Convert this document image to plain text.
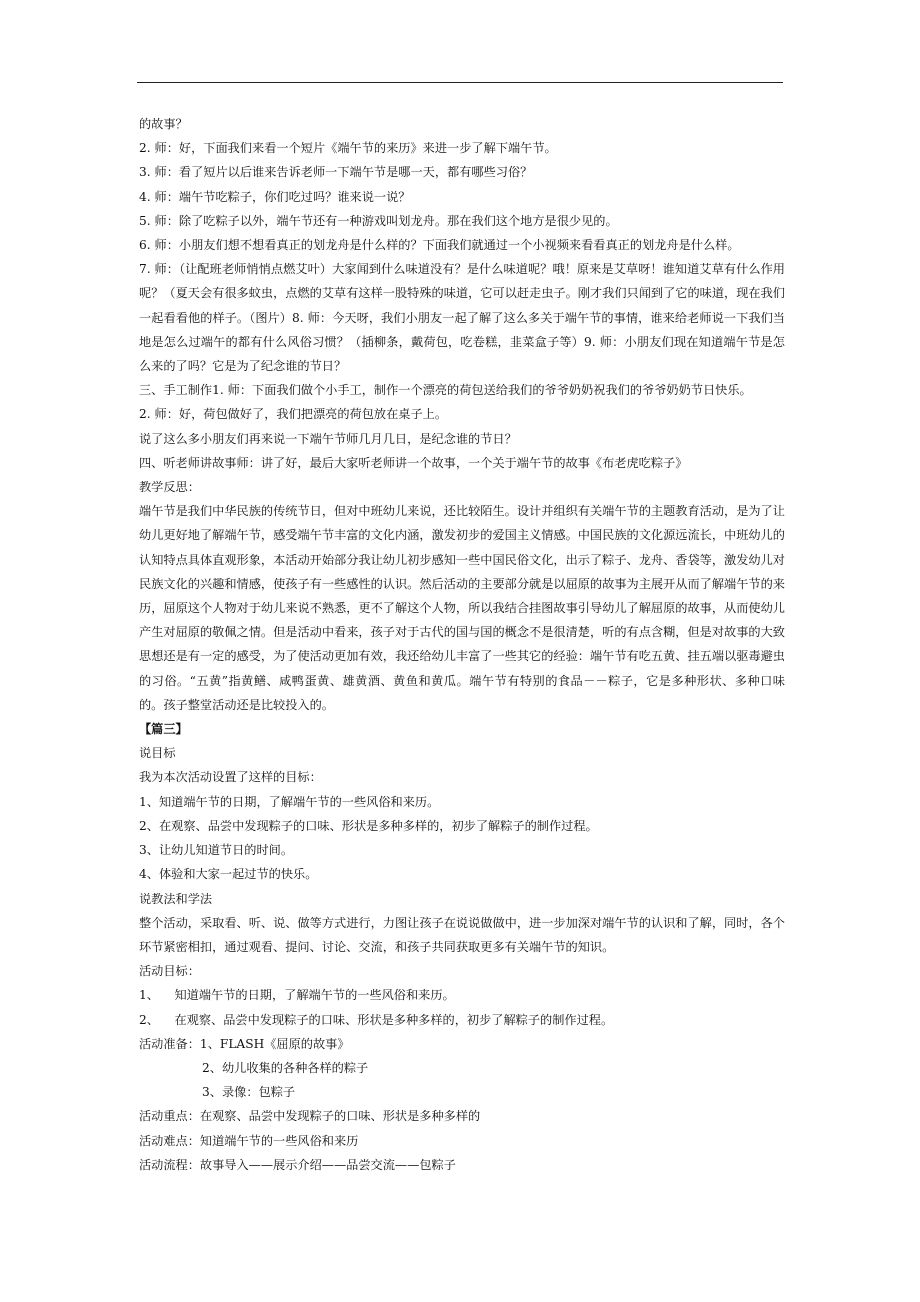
的故事？

2. 师：好，下面我们来看一个短片《端午节的来历》来进一步了解下端午节。

3. 师：看了短片以后谁来告诉老师一下端午节是哪一天，都有哪些习俗？

4. 师：端午节吃粽子，你们吃过吗？谁来说一说？

5. 师：除了吃粽子以外，端午节还有一种游戏叫划龙舟。那在我们这个地方是很少见的。

6. 师：小朋友们想不想看真正的划龙舟是什么样的？下面我们就通过一个小视频来看看真正的划龙舟是什么样。

7. 师：（让配班老师悄悄点燃艾叶）大家闻到什么味道没有？是什么味道呢？哦！原来是艾草呀！谁知道艾草有什么作用呢？（夏天会有很多蚊虫，点燃的艾草有这样一股特殊的味道，它可以赶走虫子。刚才我们只闻到了它的味道，现在我们一起看看他的样子。（图片）8. 师：今天呀，我们小朋友一起了解了这么多关于端午节的事情，谁来给老师说一下我们当地是怎么过端午的都有什么风俗习惯？（插柳条，戴荷包，吃卷糕，韭菜盒子等）9. 师：小朋友们现在知道端午节是怎么来的了吗？它是为了纪念谁的节日？

三、手工制作1. 师：下面我们做个小手工，制作一个漂亮的荷包送给我们的爷爷奶奶祝我们的爷爷奶奶节日快乐。

2. 师：好，荷包做好了，我们把漂亮的荷包放在桌子上。

说了这么多小朋友们再来说一下端午节师几月几日，是纪念谁的节日？

四、听老师讲故事师：讲了好，最后大家听老师讲一个故事，一个关于端午节的故事《布老虎吃粽子》

教学反思：

端午节是我们中华民族的传统节日，但对中班幼儿来说，还比较陌生。设计并组织有关端午节的主题教育活动，是为了让幼儿更好地了解端午节，感受端午节丰富的文化内涵，激发初步的爱国主义情感。中国民族的文化源远流长，中班幼儿的认知特点具体直观形象，本活动开始部分我让幼儿初步感知一些中国民俗文化，出示了粽子、龙舟、香袋等，激发幼儿对民族文化的兴趣和情感，使孩子有一些感性的认识。然后活动的主要部分就是以屈原的故事为主展开从而了解端午节的来历，屈原这个人物对于幼儿来说不熟悉，更不了解这个人物，所以我结合挂图故事引导幼儿了解屈原的故事，从而使幼儿产生对屈原的敬佩之情。但是活动中看来，孩子对于古代的国与国的概念不是很清楚，听的有点含糊，但是对故事的大致思想还是有一定的感受，为了使活动更加有效，我还给幼儿丰富了一些其它的经验：端午节有吃五黄、挂五端以驱毒避虫的习俗。“五黄”指黄鳝、咸鸭蛋黄、雄黄酒、黄鱼和黄瓜。端午节有特别的食品－－粽子，它是多种形状、多种口味的。孩子整堂活动还是比较投入的。

【篇三】

说目标

我为本次活动设置了这样的目标：

1、知道端午节的日期，了解端午节的一些风俗和来历。

2、在观察、品尝中发现粽子的口味、形状是多种多样的，初步了解粽子的制作过程。

3、让幼儿知道节日的时间。

4、体验和大家一起过节的快乐。

说教法和学法

整个活动，采取看、听、说、做等方式进行，力图让孩子在说说做做中，进一步加深对端午节的认识和了解，同时，各个环节紧密相扣，通过观看、提问、讨论、交流，和孩子共同获取更多有关端午节的知识。

活动目标：

1、    知道端午节的日期，了解端午节的一些风俗和来历。

2、    在观察、品尝中发现粽子的口味、形状是多种多样的，初步了解粽子的制作过程。

活动准备：1、FLASH《屈原的故事》

2、幼儿收集的各种各样的粽子

3、录像：包粽子

活动重点：在观察、品尝中发现粽子的口味、形状是多种多样的

活动难点：知道端午节的一些风俗和来历

活动流程：故事导入——展示介绍——品尝交流——包粽子
